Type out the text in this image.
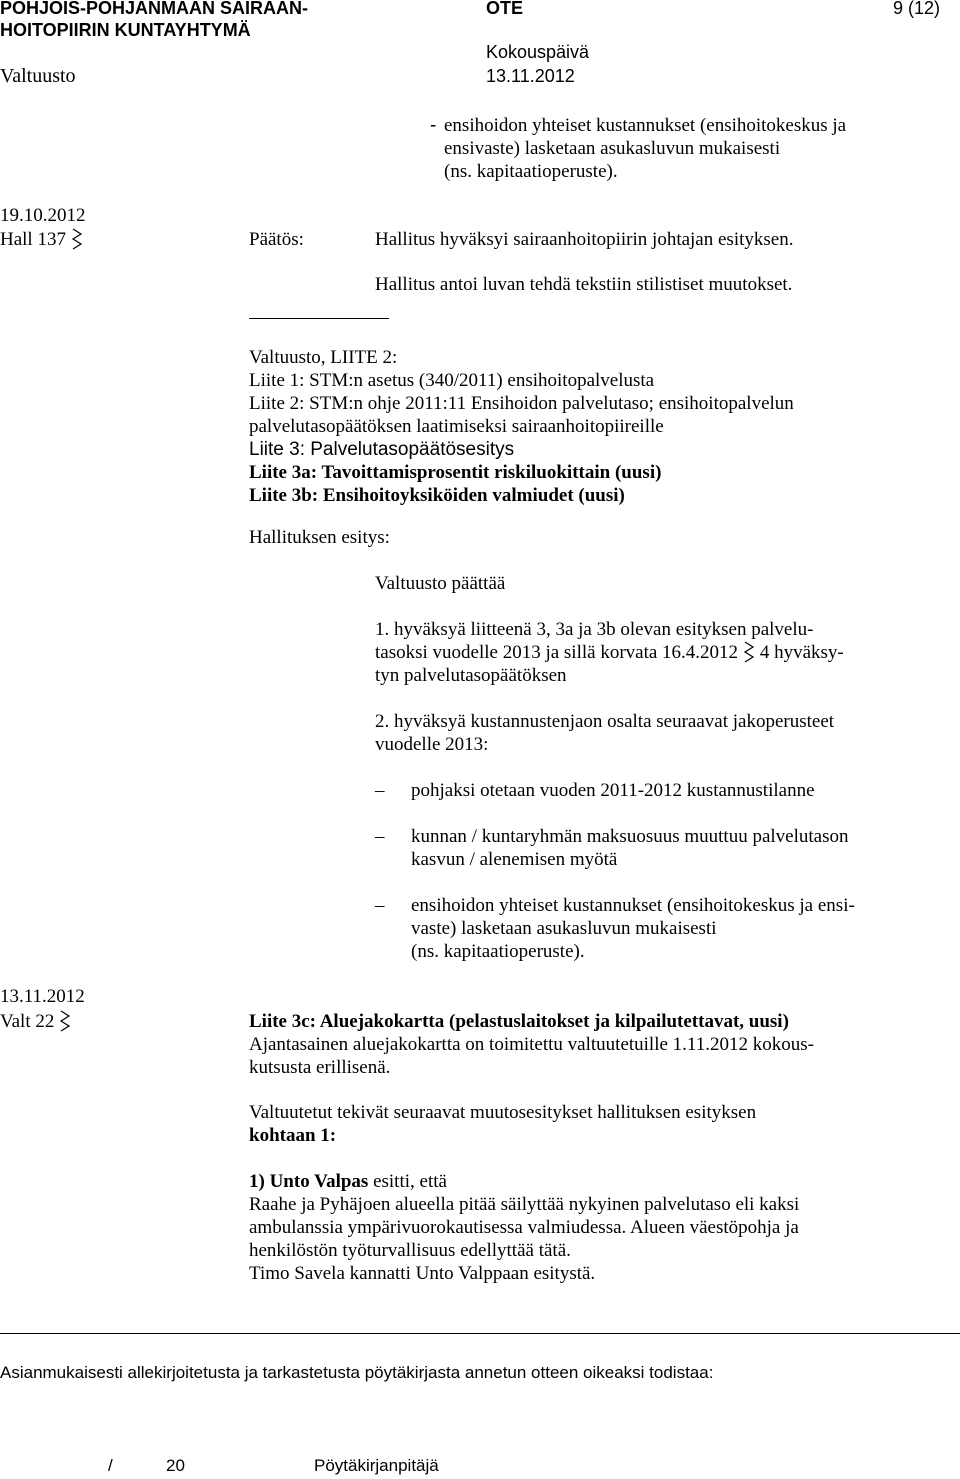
POHJOIS-POHJANMAAN SAIRAAN-
HOITOPIIRIN KUNTAYHTYMÄ
OTE	9 (12)
Kokouspäivä
Valtuusto	13.11.2012
- ensihoidon yhteiset kustannukset (ensihoitokeskus ja
ensivaste) lasketaan asukasluvun mukaisesti
(ns. kapitaatioperuste).
19.10.2012
Hall 137	Päätös:	Hallitus hyväksyi sairaanhoitopiirin johtajan esityksen.
Hallitus antoi luvan tehdä tekstiin stilistiset muutokset.
Valtuusto, LIITE 2:
Liite 1: STM:n asetus (340/2011) ensihoitopalvelusta
Liite 2: STM:n ohje 2011:11 Ensihoidon palvelutaso; ensihoitopalvelun
palvelutasopäätöksen laatimiseksi sairaanhoitopiireille
Liite 3: Palvelutasopäätösesitys
Liite 3a: Tavoittamisprosentit riskiluokittain (uusi)
Liite 3b: Ensihoitoyksiköiden valmiudet (uusi)
Hallituksen esitys:
Valtuusto päättää
1. hyväksyä liitteenä 3, 3a ja 3b olevan esityksen palvelu-
tasoksi vuodelle 2013 ja sillä korvata 16.4.2012 4 hyväksy-
tyn palvelutasopäätöksen
2. hyväksyä kustannustenjaon osalta seuraavat jakoperusteet
vuodelle 2013:
– pohjaksi otetaan vuoden 2011-2012 kustannustilanne
– kunnan / kuntaryhmän maksuosuus muuttuu palvelutason
kasvun / alenemisen myötä
– ensihoidon yhteiset kustannukset (ensihoitokeskus ja ensi-
vaste) lasketaan asukasluvun mukaisesti
(ns. kapitaatioperuste).
13.11.2012
Valt 22	Liite 3c: Aluejakokartta (pelastuslaitokset ja kilpailutettavat, uusi)
Ajantasainen aluejakokartta on toimitettu valtuutetuille 1.11.2012 kokous-
kutsusta erillisenä.
Valtuutetut tekivät seuraavat muutosesitykset hallituksen esityksen
kohtaan 1:
1) Unto Valpas esitti, että
Raahe ja Pyhäjoen alueella pitää säilyttää nykyinen palvelutaso eli kaksi
ambulanssia ympärivuorokautisessa valmiudessa. Alueen väestöpohja ja
henkilöstön työturvallisuus edellyttää tätä.
Timo Savela kannatti Unto Valppaan esitystä.
Asianmukaisesti allekirjoitetusta ja tarkastetusta pöytäkirjasta annetun otteen oikeaksi todistaa:
/	20	Pöytäkirjanpitäjä
